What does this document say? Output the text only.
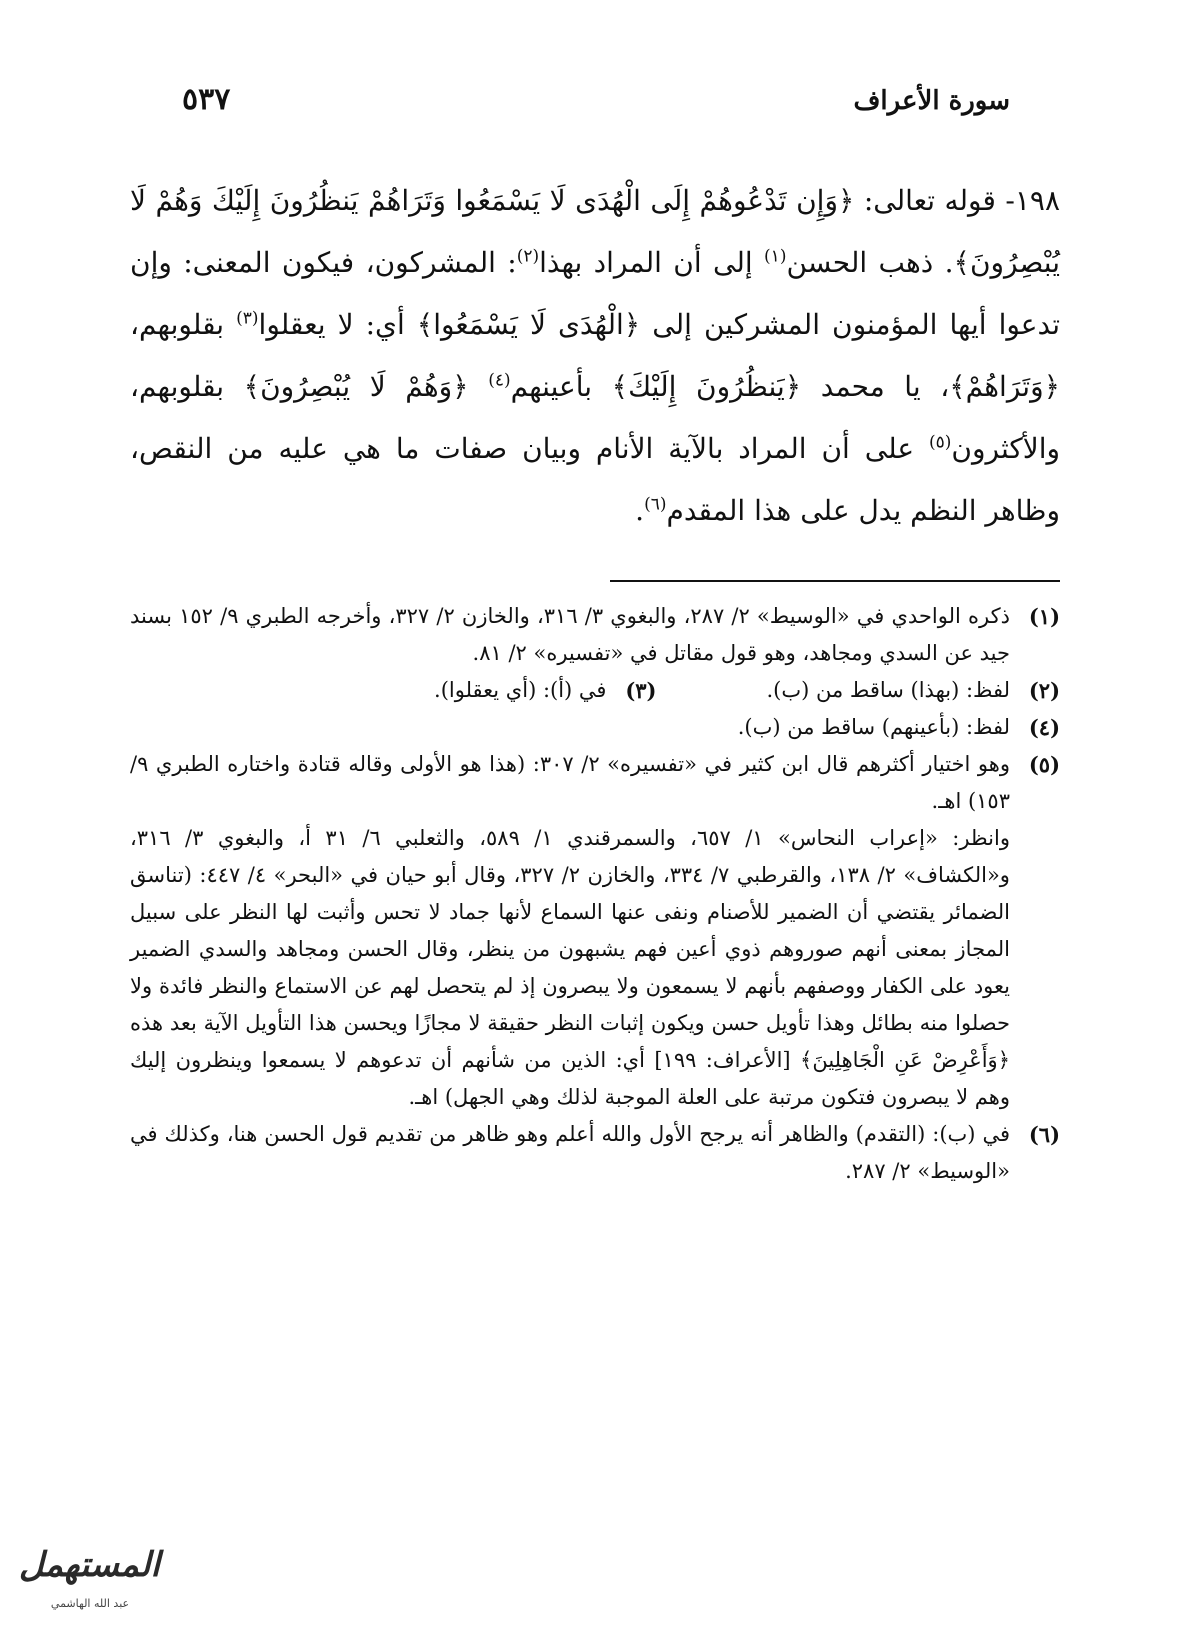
سورة الأعراف
٥٣٧

١٩٨- قوله تعالى: ﴿وَإِن تَدْعُوهُمْ إِلَى الْهُدَى لَا يَسْمَعُوا وَتَرَاهُمْ يَنظُرُونَ إِلَيْكَ وَهُمْ لَا يُبْصِرُونَ﴾. ذهب الحسن$^{(١)}$ إلى أن المراد بهذا$^{(٢)}$: المشركون، فيكون المعنى: وإن تدعوا أيها المؤمنون المشركين إلى ﴿الْهُدَى لَا يَسْمَعُوا﴾ أي: لا يعقلوا$^{(٣)}$ بقلوبهم، ﴿وَتَرَاهُمْ﴾، يا محمد ﴿يَنظُرُونَ إِلَيْكَ﴾ بأعينهم$^{(٤)}$ ﴿وَهُمْ لَا يُبْصِرُونَ﴾ بقلوبهم، والأكثرون$^{(٥)}$ على أن المراد بالآية الأنام وبيان صفات ما هي عليه من النقص، وظاهر النظم يدل على هذا المقدم$^{(٦)}$.

(١)
ذكره الواحدي في «الوسيط» ٢/ ٢٨٧، والبغوي ٣/ ٣١٦، والخازن ٢/ ٣٢٧، وأخرجه الطبري ٩/ ١٥٢ بسند جيد عن السدي ومجاهد، وهو قول مقاتل في «تفسيره» ٢/ ٨١.
(٢)
لفظ: (بهذا) ساقط من (ب).
(٣)
في (أ): (أي يعقلوا).
(٤)
لفظ: (بأعينهم) ساقط من (ب).
(٥)
وهو اختيار أكثرهم قال ابن كثير في «تفسيره» ٢/ ٣٠٧: (هذا هو الأولى وقاله قتادة واختاره الطبري ٩/ ١٥٣) اهـ.
وانظر: «إعراب النحاس» ١/ ٦٥٧، والسمرقندي ١/ ٥٨٩، والثعلبي ٦/ ٣١ أ، والبغوي ٣/ ٣١٦، و«الكشاف» ٢/ ١٣٨، والقرطبي ٧/ ٣٣٤، والخازن ٢/ ٣٢٧، وقال أبو حيان في «البحر» ٤/ ٤٤٧: (تناسق الضمائر يقتضي أن الضمير للأصنام ونفى عنها السماع لأنها جماد لا تحس وأثبت لها النظر على سبيل المجاز بمعنى أنهم صوروهم ذوي أعين فهم يشبهون من ينظر، وقال الحسن ومجاهد والسدي الضمير يعود على الكفار ووصفهم بأنهم لا يسمعون ولا يبصرون إذ لم يتحصل لهم عن الاستماع والنظر فائدة ولا حصلوا منه بطائل وهذا تأويل حسن ويكون إثبات النظر حقيقة لا مجازًا ويحسن هذا التأويل الآية بعد هذه ﴿وَأَعْرِضْ عَنِ الْجَاهِلِينَ﴾ [الأعراف: ١٩٩] أي: الذين من شأنهم أن تدعوهم لا يسمعوا وينظرون إليك وهم لا يبصرون فتكون مرتبة على العلة الموجبة لذلك وهي الجهل) اهـ.
(٦)
في (ب): (التقدم) والظاهر أنه يرجح الأول والله أعلم وهو ظاهر من تقديم قول الحسن هنا، وكذلك في «الوسيط» ٢/ ٢٨٧.
المستهمل
عبد الله الهاشمي
